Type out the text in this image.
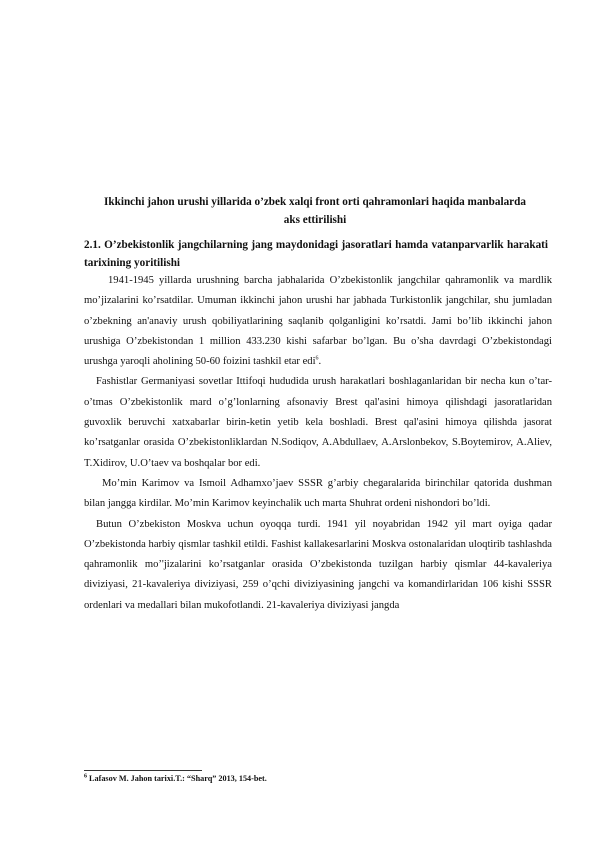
Ikkinchi jahon urushi yillarida o’zbek xalqi front orti qahramonlari haqida manbalarda aks ettirilishi
2.1. O’zbekistonlik jangchilarning jang maydonidagi jasoratlari hamda vatanparvarlik harakati tarixining yoritilishi

1941-1945 yillarda urushning barcha jabhalarida O’zbekistonlik jangchilar qahramonlik va mardlik mo’jizalarini ko’rsatdilar. Umuman ikkinchi jahon urushi har jabhada Turkistonlik jangchilar, shu jumladan o’zbekning an'anaviy urush qobiliyatlarining saqlanib qolganligini ko’rsatdi. Jami bo’lib ikkinchi jahon urushiga O’zbekistondan 1 million 433.230 kishi safarbar bo’lgan. Bu o’sha davrdagi O’zbekistondagi urushga yaroqli aholining 50-60 foizini tashkil etar edi$^6$.

Fashistlar Germaniyasi sovetlar Ittifoqi hududida urush harakatlari boshlaganlaridan bir necha kun o’tar-o’tmas O’zbekistonlik mard o’g’lonlarning afsonaviy Brest qal'asini himoya qilishdagi jasoratlaridan guvoxlik beruvchi xatxabarlar birin-ketin yetib kela boshladi. Brest qal'asini himoya qilishda jasorat ko’rsatganlar orasida O’zbekistonliklardan N.Sodiqov, A.Abdullaev, A.Arslonbekov, S.Boytemirov, A.Aliev, T.Xidirov, U.O’taev va boshqalar bor edi.

Mo’min Karimov va Ismoil Adhamxo’jaev SSSR g’arbiy chegaralarida birinchilar qatorida dushman bilan jangga kirdilar. Mo’min Karimov keyinchalik uch marta Shuhrat ordeni nishondori bo’ldi.

Butun O’zbekiston Moskva uchun oyoqqa turdi. 1941 yil noyabridan 1942 yil mart oyiga qadar O’zbekistonda harbiy qismlar tashkil etildi. Fashist kallakesarlarini Moskva ostonalaridan uloqtirib tashlashda qahramonlik mo’'jizalarini ko’rsatganlar orasida O’zbekistonda tuzilgan harbiy qismlar 44-kavaleriya diviziyasi, 21-kavaleriya diviziyasi, 259 o’qchi diviziyasining jangchi va komandirlaridan 106 kishi SSSR ordenlari va medallari bilan mukofotlandi. 21-kavaleriya diviziyasi jangda

$^6$ Lafasov M. Jahon tarixi.T.: “Sharq” 2013, 154-bet.
